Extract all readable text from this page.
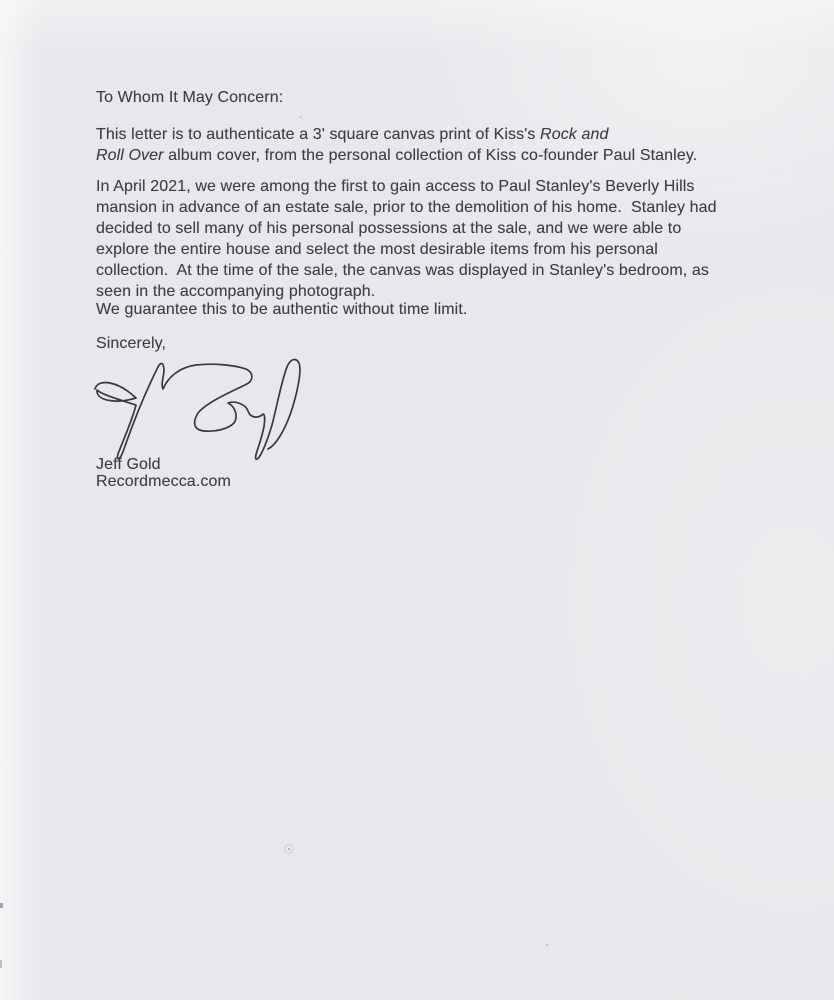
To Whom It May Concern:
This letter is to authenticate a 3' square canvas print of Kiss's Rock and
Roll Over album cover, from the personal collection of Kiss co-founder Paul Stanley.
In April 2021, we were among the first to gain access to Paul Stanley's Beverly Hills
mansion in advance of an estate sale, prior to the demolition of his home.  Stanley had
decided to sell many of his personal possessions at the sale, and we were able to
explore the entire house and select the most desirable items from his personal
collection.  At the time of the sale, the canvas was displayed in Stanley's bedroom, as
seen in the accompanying photograph.
We guarantee this to be authentic without time limit.
Sincerely,
Jeff Gold
Recordmecca.com
